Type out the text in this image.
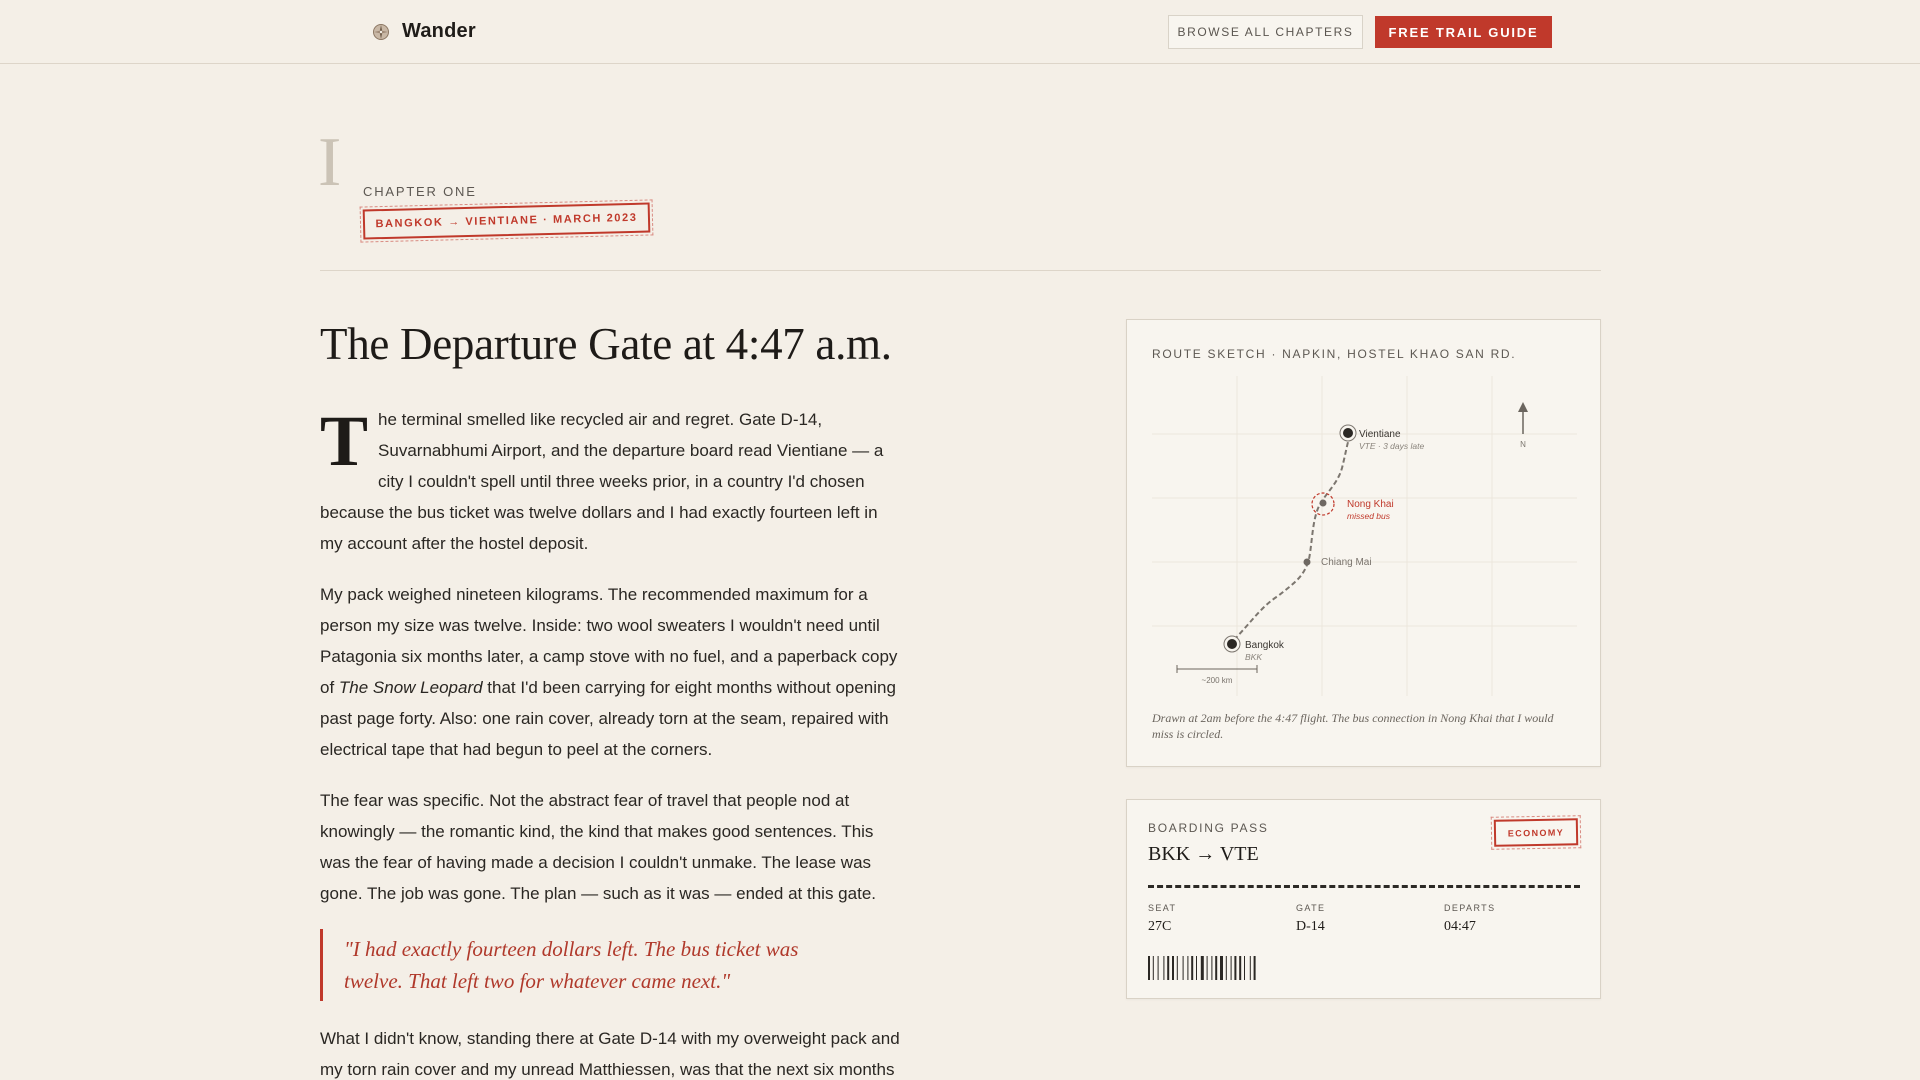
Wander	BROWSE ALL CHAPTERS	FREE TRAIL GUIDE
I CHAPTER ONE
BANGKOK → VIENTIANE · MARCH 2023
The Departure Gate at 4:47 a.m.

The terminal smelled like recycled air and regret. Gate D-14, Suvarnabhumi Airport, and the departure board read Vientiane — a city I couldn't spell until three weeks prior, in a country I'd chosen because the bus ticket was twelve dollars and I had exactly fourteen left in my account after the hostel deposit.

My pack weighed nineteen kilograms. The recommended maximum for a person my size was twelve. Inside: two wool sweaters I wouldn't need until Patagonia six months later, a camp stove with no fuel, and a paperback copy of The Snow Leopard that I'd been carrying for eight months without opening past page forty. Also: one rain cover, already torn at the seam, repaired with electrical tape that had begun to peel at the corners.

The fear was specific. Not the abstract fear of travel that people nod at knowingly — the romantic kind, the kind that makes good sentences. This was the fear of having made a decision I couldn't unmake. The lease was gone. The job was gone. The plan — such as it was — ended at this gate.

"I had exactly fourteen dollars left. The bus ticket was twelve. That left two for whatever came next."

What I didn't know, standing there at Gate D-14 with my overweight pack and my torn rain cover and my unread Matthiessen, was that the next six months

ROUTE SKETCH · NAPKIN, HOSTEL KHAO SAN RD.
N
Vientiane
VTE · 3 days late
Nong Khai
missed bus
Chiang Mai
Bangkok
BKK
~200 km
Drawn at 2am before the 4:47 flight. The bus connection in Nong Khai that I would miss is circled.
BOARDING PASS
BKK → VTE
ECONOMY
SEAT
27C
GATE
D-14
DEPARTS
04:47
